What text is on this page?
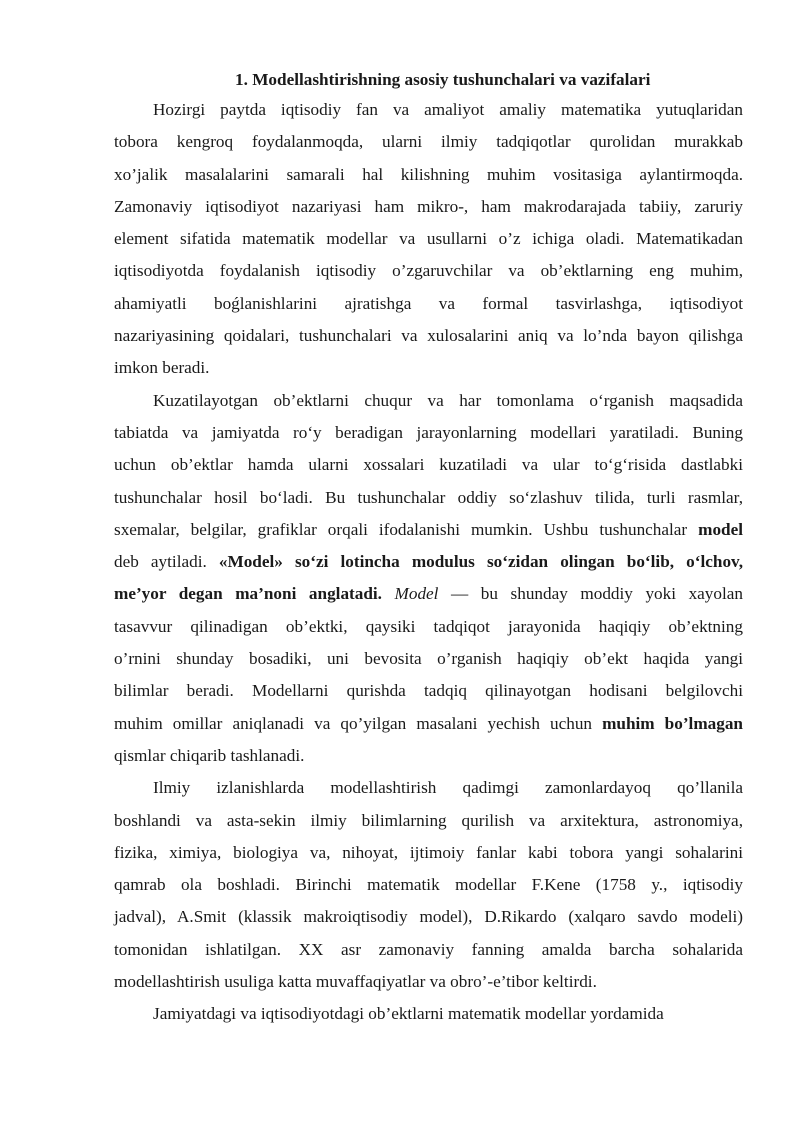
1. Modellashtirishning asosiy tushunchalari va vazifalari

Hozirgi paytda iqtisodiy fan va amaliyot amaliy matematika yutuqlaridan
tobora kengroq foydalanmoqda, ularni ilmiy tadqiqotlar qurolidan murakkab
xo’jalik masalalarini samarali hal kilishning muhim vositasiga aylantirmoqda.
Zamonaviy iqtisodiyot nazariyasi ham mikro-, ham makrodarajada tabiiy, zaruriy
element sifatida matematik modellar va usullarni o’z ichiga oladi. Matematikadan
iqtisodiyotda foydalanish iqtisodiy o’zgaruvchilar va ob’ektlarning eng muhim,
ahamiyatli boǵlanishlarini ajratishga va formal tasvirlashga, iqtisodiyot
nazariyasining qoidalari, tushunchalari va xulosalarini aniq va lo’nda bayon qilishga
imkon beradi.

Kuzatilayotgan ob’ektlarni chuqur va har tomonlama o‘rganish maqsadida
tabiatda va jamiyatda ro‘y beradigan jarayonlarning modellari yaratiladi. Buning
uchun ob’ektlar hamda ularni xossalari kuzatiladi va ular to‘g‘risida dastlabki
tushunchalar hosil bo‘ladi. Bu tushunchalar oddiy so‘zlashuv tilida, turli rasmlar,
sxemalar, belgilar, grafiklar orqali ifodalanishi mumkin. Ushbu tushunchalar model
deb aytiladi. «Model» so‘zi lotincha modulus so‘zidan olingan bo‘lib, o‘lchov,
me’yor degan ma’noni anglatadi. Model — bu shunday moddiy yoki xayolan
tasavvur qilinadigan ob’ektki, qaysiki tadqiqot jarayonida haqiqiy ob’ektning
o’rnini shunday bosadiki, uni bevosita o’rganish haqiqiy ob’ekt haqida yangi
bilimlar beradi. Modellarni qurishda tadqiq qilinayotgan hodisani belgilovchi
muhim omillar aniqlanadi va qo’yilgan masalani yechish uchun muhim bo’lmagan
qismlar chiqarib tashlanadi.

Ilmiy izlanishlarda modellashtirish qadimgi zamonlardayoq qo’llanila
boshlandi va asta-sekin ilmiy bilimlarning qurilish va arxitektura, astronomiya,
fizika, ximiya, biologiya va, nihoyat, ijtimoiy fanlar kabi tobora yangi sohalarini
qamrab ola boshladi. Birinchi matematik modellar F.Kene (1758 y., iqtisodiy
jadval), A.Smit (klassik makroiqtisodiy model), D.Rikardo (xalqaro savdo modeli)
tomonidan ishlatilgan. XX asr zamonaviy fanning amalda barcha sohalarida
modellashtirish usuliga katta muvaffaqiyatlar va obro’-e’tibor keltirdi.

Jamiyatdagi va iqtisodiyotdagi ob’ektlarni matematik modellar yordamida
